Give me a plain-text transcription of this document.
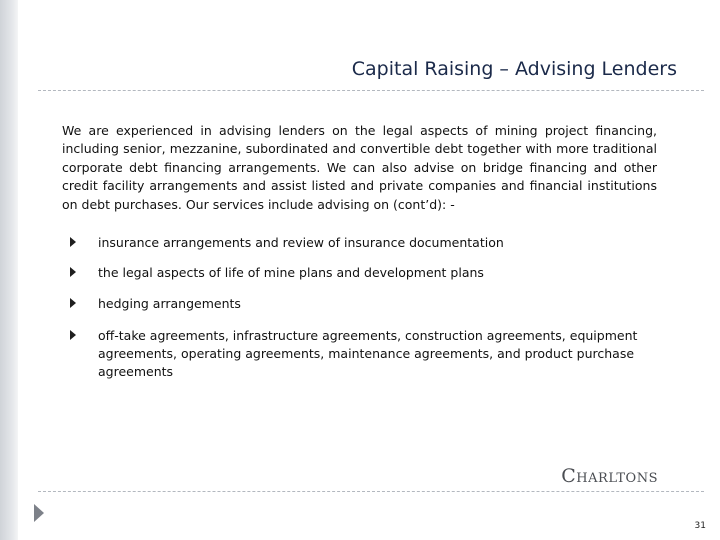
Capital Raising – Advising Lenders
We are experienced in advising lenders on the legal aspects of mining project financing, including senior, mezzanine, subordinated and convertible debt together with more traditional corporate debt financing arrangements. We can also advise on bridge financing and other credit facility arrangements and assist listed and private companies and financial institutions on debt purchases. Our services include advising on (cont’d): -
insurance arrangements and review of insurance documentation
the legal aspects of life of mine plans and development plans
hedging arrangements
off-take agreements, infrastructure agreements, construction agreements, equipment agreements, operating agreements, maintenance agreements, and product purchase agreements
Charltons
31
